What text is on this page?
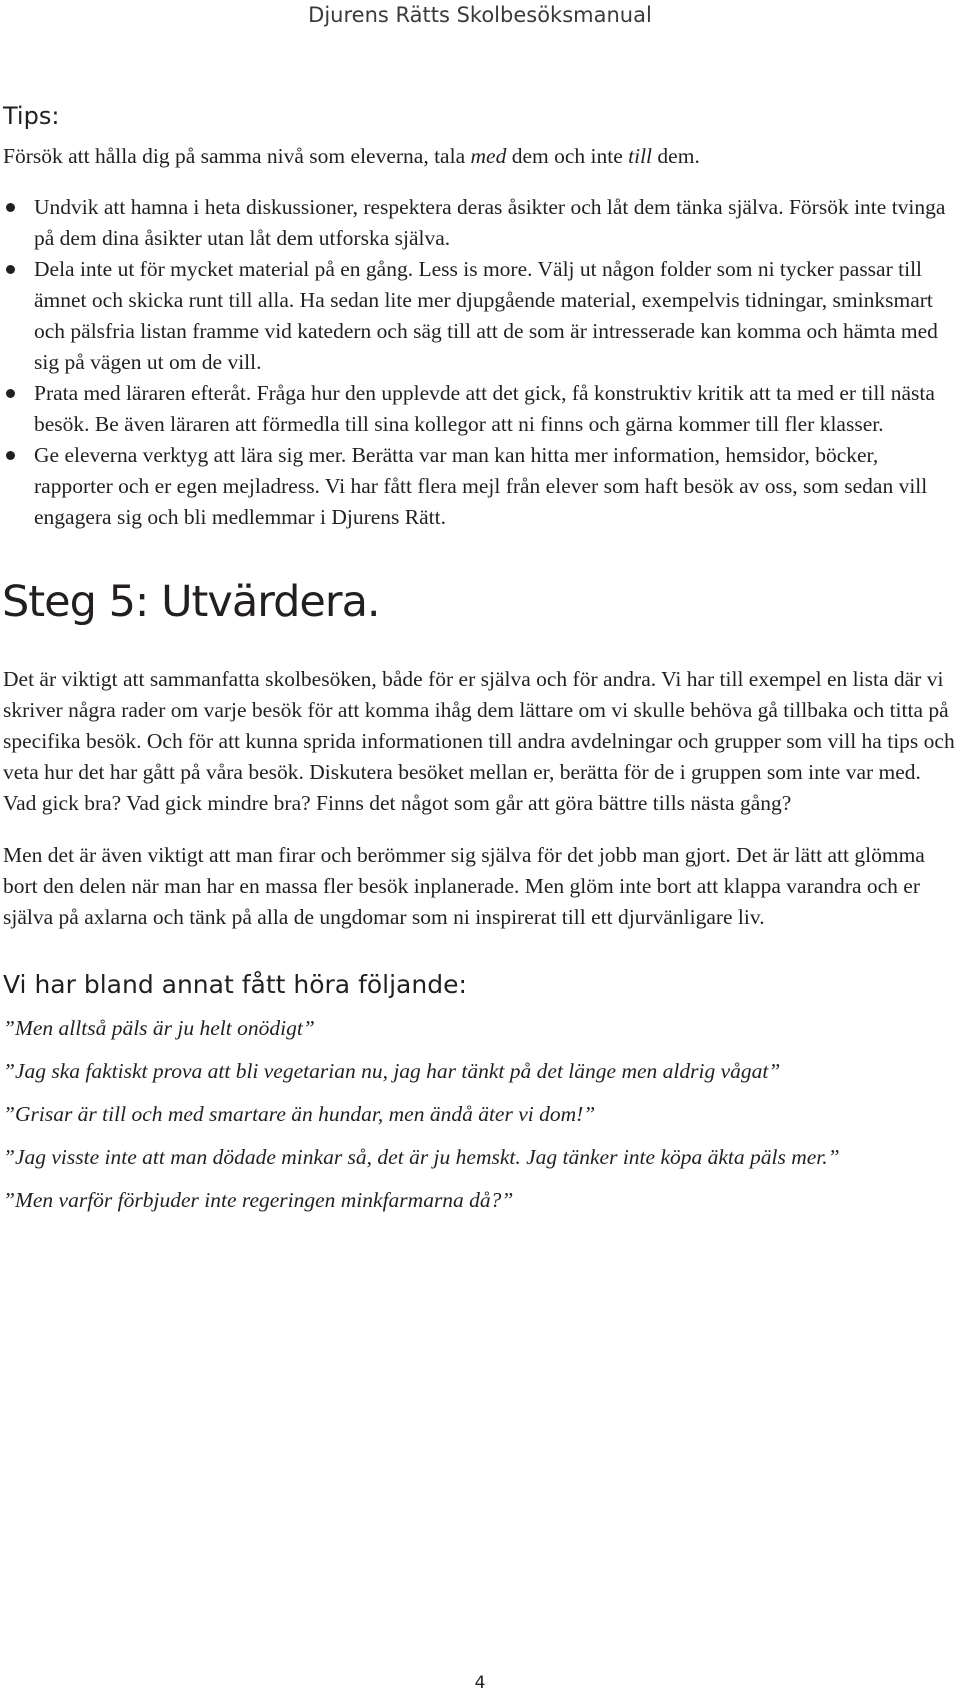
Djurens Rätts Skolbesöksmanual
Tips:

Försök att hålla dig på samma nivå som eleverna, tala med dem och inte till dem.

Undvik att hamna i heta diskussioner, respektera deras åsikter och låt dem tänka själva. Försök inte tvinga på dem dina åsikter utan låt dem utforska själva.
Dela inte ut för mycket material på en gång. Less is more. Välj ut någon folder som ni tycker passar till ämnet och skicka runt till alla. Ha sedan lite mer djupgående material, exempelvis tidningar, sminksmart och pälsfria listan framme vid katedern och säg till att de som är intresserade kan komma och hämta med sig på vägen ut om de vill.
Prata med läraren efteråt. Fråga hur den upplevde att det gick, få konstruktiv kritik att ta med er till nästa besök. Be även läraren att förmedla till sina kollegor att ni finns och gärna kommer till fler klasser.
Ge eleverna verktyg att lära sig mer. Berätta var man kan hitta mer information, hemsidor, böcker, rapporter och er egen mejladress. Vi har fått flera mejl från elever som haft besök av oss, som sedan vill engagera sig och bli medlemmar i Djurens Rätt.
Steg 5: Utvärdera.

Det är viktigt att sammanfatta skolbesöken, både för er själva och för andra. Vi har till exempel en lista där vi skriver några rader om varje besök för att komma ihåg dem lättare om vi skulle behöva gå tillbaka och titta på specifika besök. Och för att kunna sprida informationen till andra avdelningar och grupper som vill ha tips och veta hur det har gått på våra besök. Diskutera besöket mellan er, berätta för de i gruppen som inte var med. Vad gick bra? Vad gick mindre bra? Finns det något som går att göra bättre tills nästa gång?

Men det är även viktigt att man firar och berömmer sig själva för det jobb man gjort. Det är lätt att glömma bort den delen när man har en massa fler besök inplanerade. Men glöm inte bort att klappa varandra och er själva på axlarna och tänk på alla de ungdomar som ni inspirerat till ett djurvänligare liv.

Vi har bland annat fått höra följande:

”Men alltså päls är ju helt onödigt”

”Jag ska faktiskt prova att bli vegetarian nu, jag har tänkt på det länge men aldrig vågat”

”Grisar är till och med smartare än hundar, men ändå äter vi dom!”

”Jag visste inte att man dödade minkar så, det är ju hemskt. Jag tänker inte köpa äkta päls mer.”

”Men varför förbjuder inte regeringen minkfarmarna då?”

4
